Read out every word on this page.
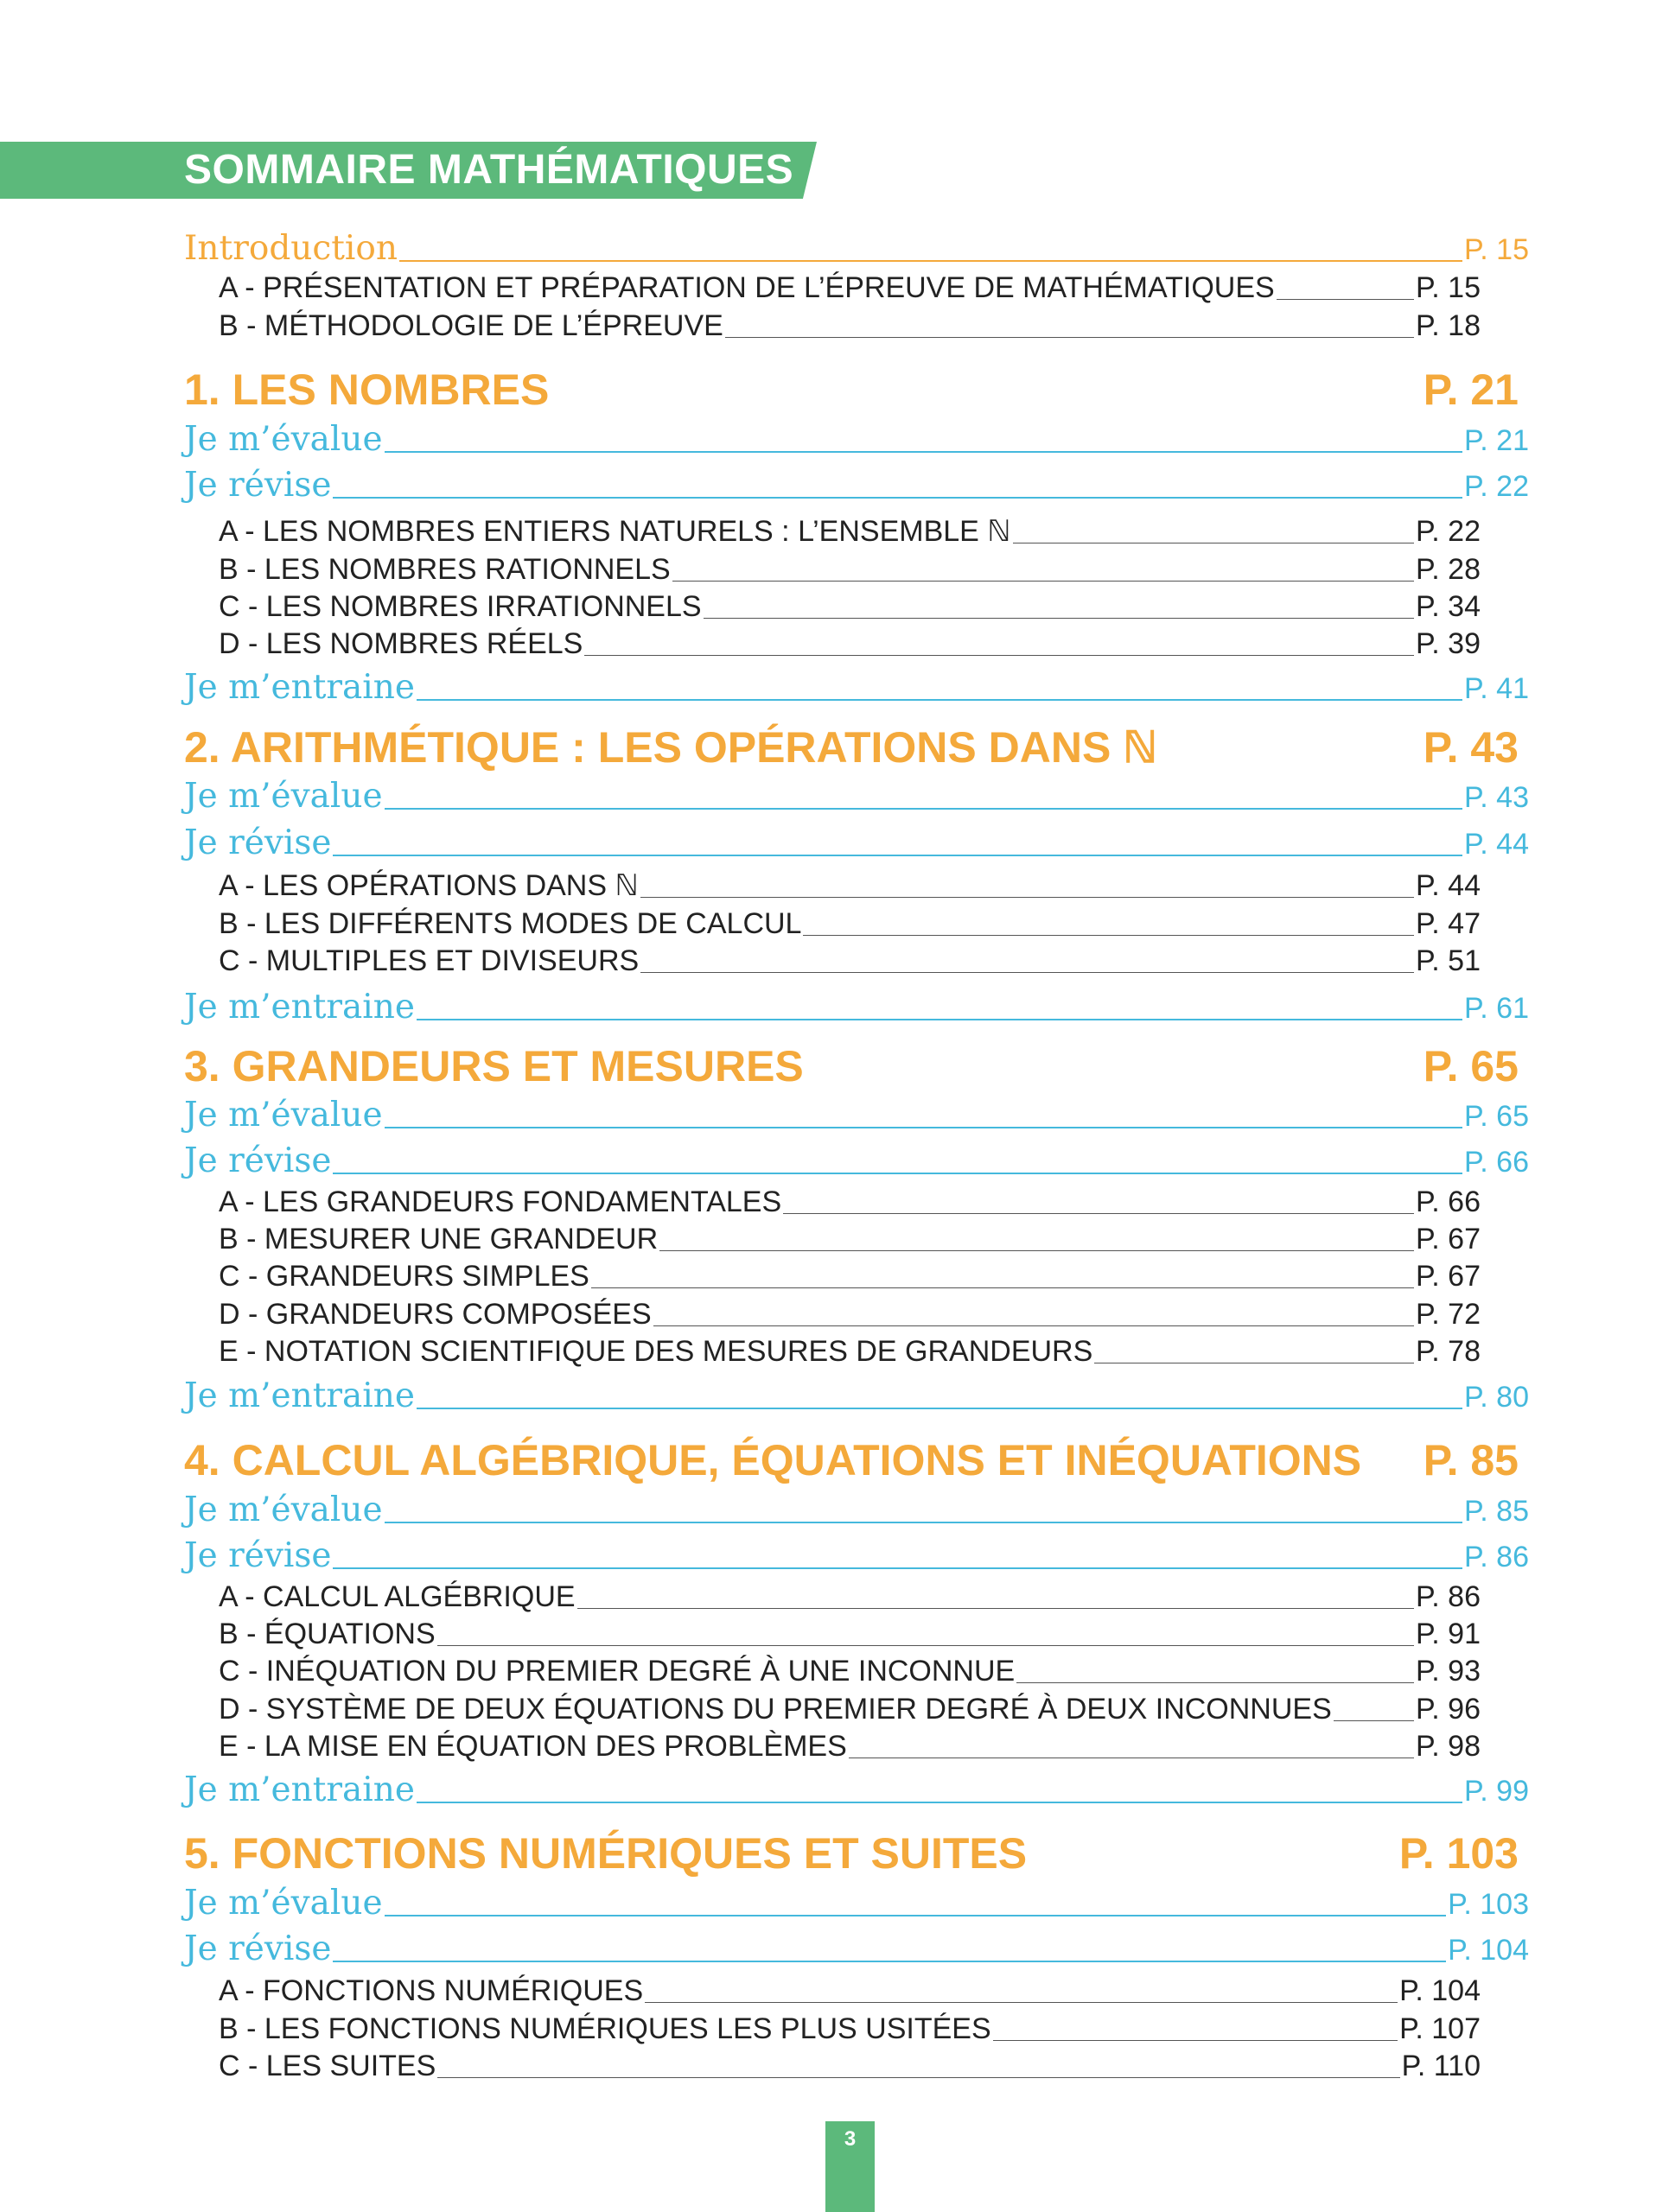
SOMMAIRE MATHÉMATIQUES
Introduction	P. 15
A - PRÉSENTATION ET PRÉPARATION DE L’ÉPREUVE DE MATHÉMATIQUES	P. 15
B - MÉTHODOLOGIE DE L’ÉPREUVE	P. 18
1. LES NOMBRES	P. 21
Je m’évalue	P. 21
Je révise	P. 22
A - LES NOMBRES ENTIERS NATURELS : L’ENSEMBLE ℕ	P. 22
B - LES NOMBRES RATIONNELS	P. 28
C - LES NOMBRES IRRATIONNELS	P. 34
D - LES NOMBRES RÉELS	P. 39
Je m’entraine	P. 41
2. ARITHMÉTIQUE : LES OPÉRATIONS DANS ℕ	P. 43
Je m’évalue	P. 43
Je révise	P. 44
A - LES OPÉRATIONS DANS ℕ	P. 44
B - LES DIFFÉRENTS MODES DE CALCUL	P. 47
C - MULTIPLES ET DIVISEURS	P. 51
Je m’entraine	P. 61
3. GRANDEURS ET MESURES	P. 65
Je m’évalue	P. 65
Je révise	P. 66
A - LES GRANDEURS FONDAMENTALES	P. 66
B - MESURER UNE GRANDEUR	P. 67
C - GRANDEURS SIMPLES	P. 67
D - GRANDEURS COMPOSÉES	P. 72
E - NOTATION SCIENTIFIQUE DES MESURES DE GRANDEURS	P. 78
Je m’entraine	P. 80
4. CALCUL ALGÉBRIQUE, ÉQUATIONS ET INÉQUATIONS P. 85
Je m’évalue	P. 85
Je révise	P. 86
A - CALCUL ALGÉBRIQUE	P. 86
B - ÉQUATIONS	P. 91
C - INÉQUATION DU PREMIER DEGRÉ À UNE INCONNUE	P. 93
D - SYSTÈME DE DEUX ÉQUATIONS DU PREMIER DEGRÉ À DEUX INCONNUES	P. 96
E - LA MISE EN ÉQUATION DES PROBLÈMES	P. 98
Je m’entraine	P. 99
5. FONCTIONS NUMÉRIQUES ET SUITES	P. 103
Je m’évalue	P. 103
Je révise	P. 104
A - FONCTIONS NUMÉRIQUES	P. 104
B - LES FONCTIONS NUMÉRIQUES LES PLUS USITÉES	P. 107
C - LES SUITES	P. 110
3
